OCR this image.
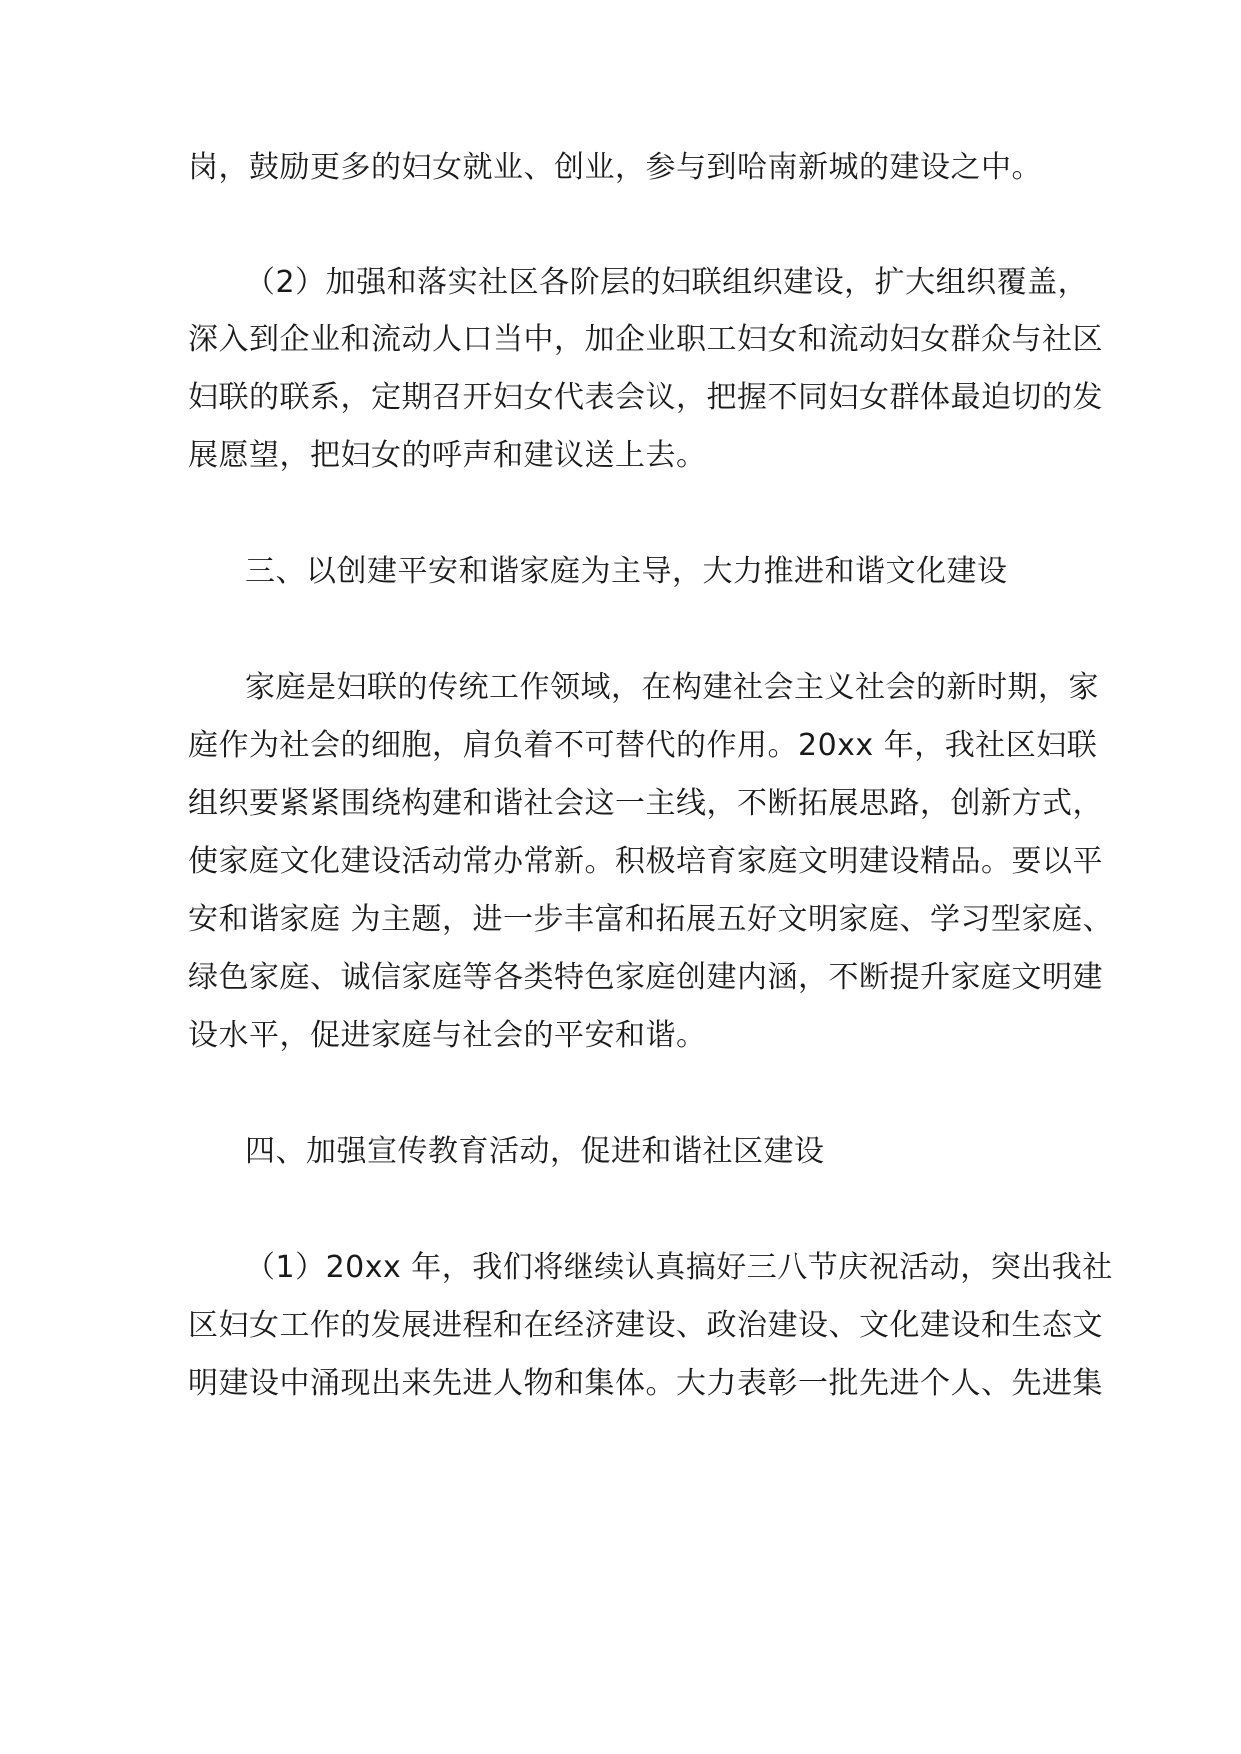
岗，鼓励更多的妇女就业、创业，参与到哈南新城的建设之中。
（2）加强和落实社区各阶层的妇联组织建设，扩大组织覆盖，
深入到企业和流动人口当中，加企业职工妇女和流动妇女群众与社区
妇联的联系，定期召开妇女代表会议，把握不同妇女群体最迫切的发
展愿望，把妇女的呼声和建议送上去。
三、以创建平安和谐家庭为主导，大力推进和谐文化建设
家庭是妇联的传统工作领域，在构建社会主义社会的新时期，家
庭作为社会的细胞，肩负着不可替代的作用。20xx 年，我社区妇联
组织要紧紧围绕构建和谐社会这一主线，不断拓展思路，创新方式，
使家庭文化建设活动常办常新。积极培育家庭文明建设精品。要以平
安和谐家庭 为主题，进一步丰富和拓展五好文明家庭、学习型家庭、
绿色家庭、诚信家庭等各类特色家庭创建内涵，不断提升家庭文明建
设水平，促进家庭与社会的平安和谐。
四、加强宣传教育活动，促进和谐社区建设
（1）20xx 年，我们将继续认真搞好三八节庆祝活动，突出我社
区妇女工作的发展进程和在经济建设、政治建设、文化建设和生态文
明建设中涌现出来先进人物和集体。大力表彰一批先进个人、先进集
